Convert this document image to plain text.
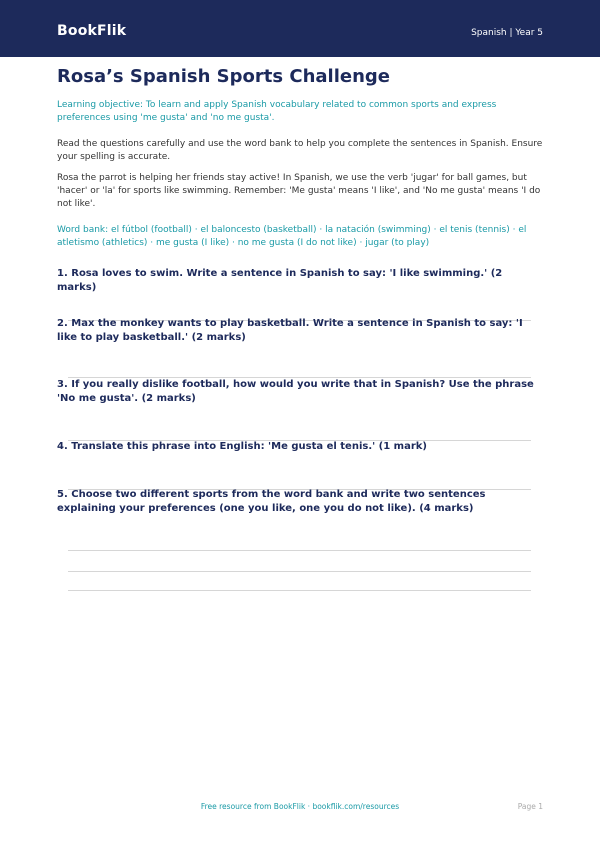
BookFlik	Spanish | Year 5
Rosa’s Spanish Sports Challenge

Learning objective: To learn and apply Spanish vocabulary related to common sports and express preferences using 'me gusta' and 'no me gusta'.

Read the questions carefully and use the word bank to help you complete the sentences in Spanish. Ensure your spelling is accurate.

Rosa the parrot is helping her friends stay active! In Spanish, we use the verb 'jugar' for ball games, but 'hacer' or 'la' for sports like swimming. Remember: 'Me gusta' means 'I like', and 'No me gusta' means 'I do not like'.

Word bank: el fútbol (football) · el baloncesto (basketball) · la natación (swimming) · el tenis (tennis) · el atletismo (athletics) · me gusta (I like) · no me gusta (I do not like) · jugar (to play)

1. Rosa loves to swim. Write a sentence in Spanish to say: 'I like swimming.' (2 marks)

2. Max the monkey wants to play basketball. Write a sentence in Spanish to say: 'I like to play basketball.' (2 marks)

3. If you really dislike football, how would you write that in Spanish? Use the phrase 'No me gusta'. (2 marks)

4. Translate this phrase into English: 'Me gusta el tenis.' (1 mark)

5. Choose two different sports from the word bank and write two sentences explaining your preferences (one you like, one you do not like). (4 marks)

Free resource from BookFlik · bookflik.com/resources	Page 1
